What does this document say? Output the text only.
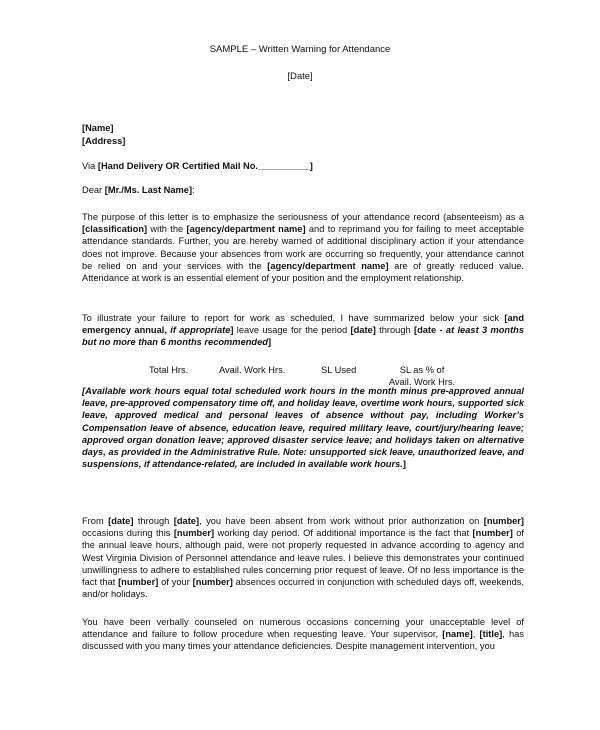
SAMPLE – Written Warning for Attendance
[Date]
[Name]
[Address]
Via [Hand Delivery OR Certified Mail No.__________]
Dear [Mr./Ms. Last Name]:
The purpose of this letter is to emphasize the seriousness of your attendance record (absenteeism) as a [classification] with the [agency/department name] and to reprimand you for failing to meet acceptable attendance standards. Further, you are hereby warned of additional disciplinary action if your attendance does not improve. Because your absences from work are occurring so frequently, your attendance cannot be relied on and your services with the [agency/department name] are of greatly reduced value. Attendance at work is an essential element of your position and the employment relationship.
To illustrate your failure to report for work as scheduled, I have summarized below your sick [and emergency annual, if appropriate] leave usage for the period [date] through [date - at least 3 months but no more than 6 months recommended]
Total Hrs.	Avail. Work Hrs.	SL Used	SL as % of
Avail. Work Hrs.
[Available work hours equal total scheduled work hours in the month minus pre-approved annual leave, pre-approved compensatory time off, and holiday leave, overtime work hours, supported sick leave, approved medical and personal leaves of absence without pay, including Worker’s Compensation leave of absence, education leave, required military leave, court/jury/hearing leave; approved organ donation leave; approved disaster service leave; and holidays taken on alternative days, as provided in the Administrative Rule. Note: unsupported sick leave, unauthorized leave, and suspensions, if attendance-related, are included in available work hours.]
From [date] through [date], you have been absent from work without prior authorization on [number] occasions during this [number] working day period. Of additional importance is the fact that [number] of the annual leave hours, although paid, were not properly requested in advance according to agency and West Virginia Division of Personnel attendance and leave rules. I believe this demonstrates your continued unwillingness to adhere to established rules concerning prior request of leave. Of no less importance is the fact that [number] of your [number] absences occurred in conjunction with scheduled days off, weekends, and/or holidays.
You have been verbally counseled on numerous occasions concerning your unacceptable level of attendance and failure to follow procedure when requesting leave. Your supervisor, [name], [title], has discussed with you many times your attendance deficiencies. Despite management intervention, you
